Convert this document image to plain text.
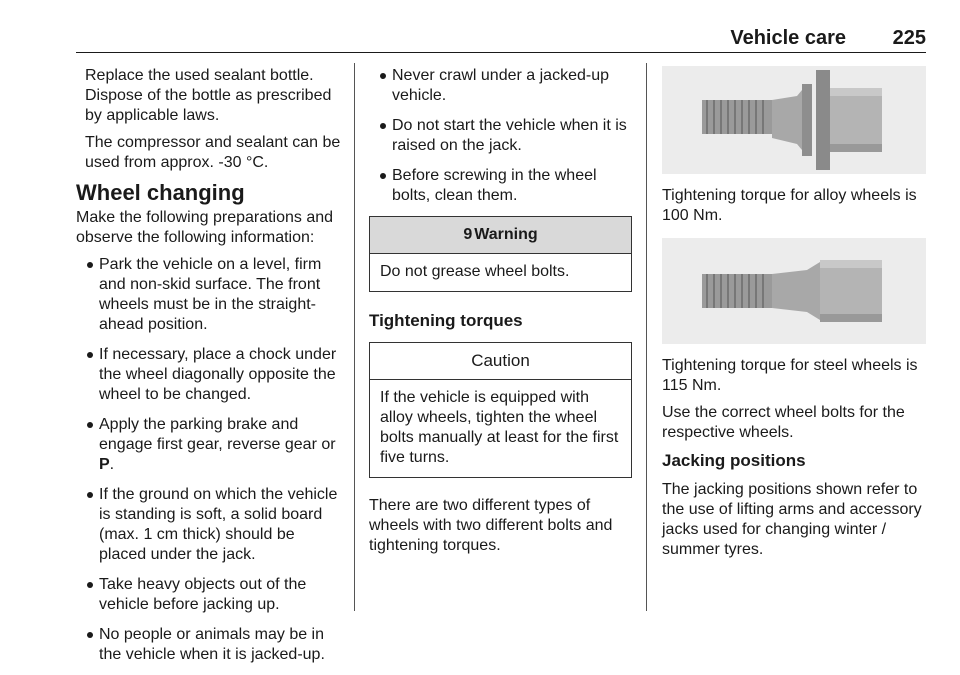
Vehicle care 225

Replace the used sealant bottle. Dispose of the bottle as prescribed by applicable laws.

The compressor and sealant can be used from approx. -30 °C.

Wheel changing

Make the following preparations and observe the following information:

Park the vehicle on a level, firm and non-skid surface. The front wheels must be in the straight-ahead position.
If necessary, place a chock under the wheel diagonally opposite the wheel to be changed.
Apply the parking brake and engage first gear, reverse gear or P.
If the ground on which the vehicle is standing is soft, a solid board (max. 1 cm thick) should be placed under the jack.
Take heavy objects out of the vehicle before jacking up.
No people or animals may be in the vehicle when it is jacked-up.
Never crawl under a jacked-up vehicle.
Do not start the vehicle when it is raised on the jack.
Before screwing in the wheel bolts, clean them.
9 Warning
Do not grease wheel bolts.
Tightening torques
Caution
If the vehicle is equipped with alloy wheels, tighten the wheel bolts manually at least for the first five turns.

There are two different types of wheels with two different bolts and tightening torques.

Tightening torque for alloy wheels is 100 Nm.

Tightening torque for steel wheels is 115 Nm.

Use the correct wheel bolts for the respective wheels.

Jacking positions

The jacking positions shown refer to the use of lifting arms and accessory jacks used for changing winter / summer tyres.
